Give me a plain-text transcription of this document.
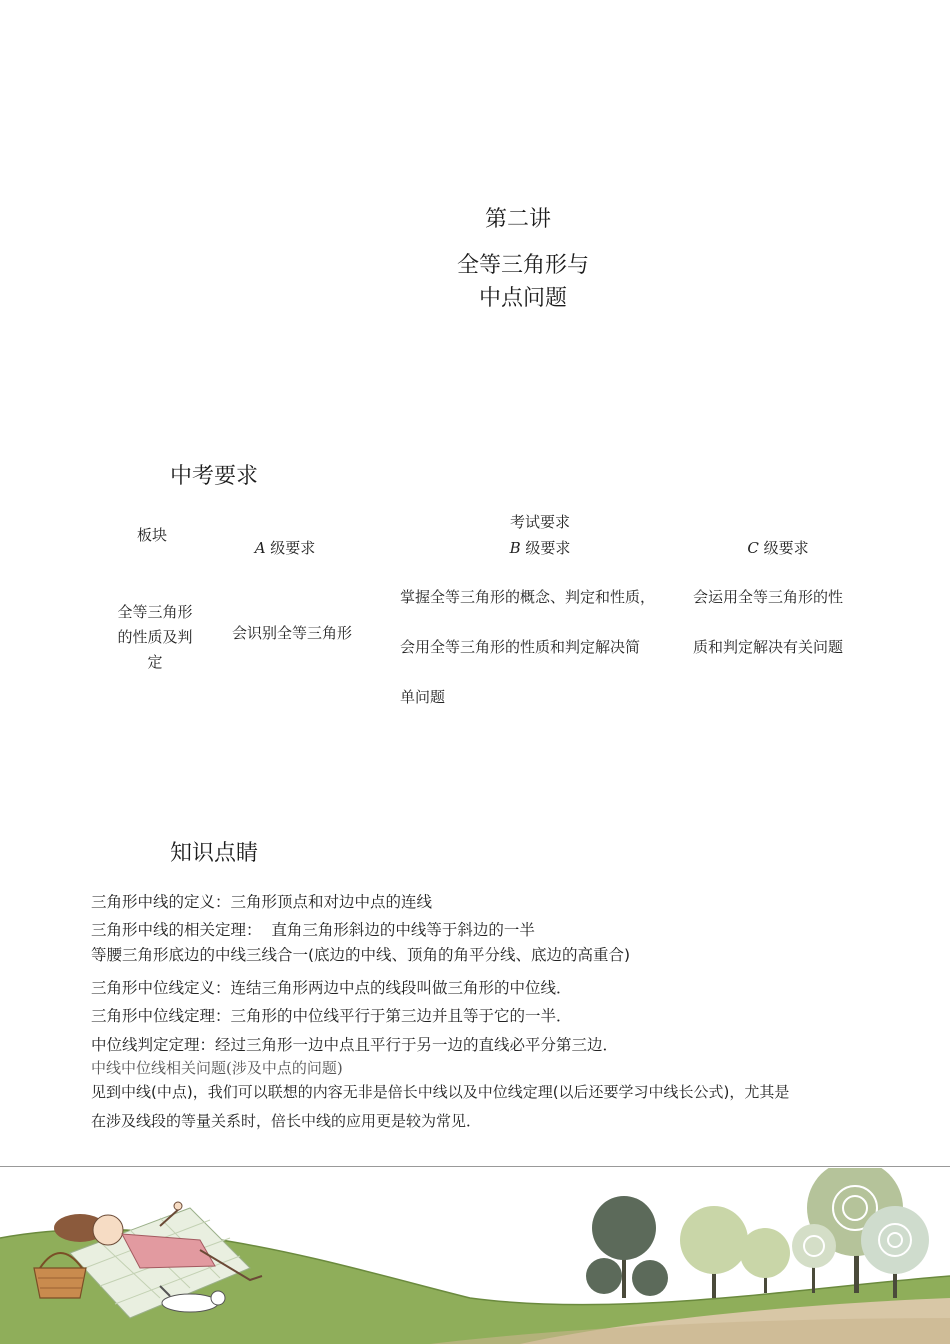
第二讲
全等三角形与
中点问题
中考要求
板块
考试要求
A 级要求	B 级要求	C 级要求
全等三角形
的性质及判
定
会识别全等三角形
掌握全等三角形的概念、判定和性质，
会用全等三角形的性质和判定解决简
单问题
会运用全等三角形的性
质和判定解决有关问题
知识点睛
三角形中线的定义：三角形顶点和对边中点的连线
三角形中线的相关定理：  直角三角形斜边的中线等于斜边的一半
等腰三角形底边的中线三线合一(底边的中线、顶角的角平分线、底边的高重合)
三角形中位线定义：连结三角形两边中点的线段叫做三角形的中位线．
三角形中位线定理：三角形的中位线平行于第三边并且等于它的一半．
中位线判定定理：经过三角形一边中点且平行于另一边的直线必平分第三边．
中线中位线相关问题(涉及中点的问题)
见到中线(中点)，我们可以联想的内容无非是倍长中线以及中位线定理(以后还要学习中线长公式)，尤其是
在涉及线段的等量关系时，倍长中线的应用更是较为常见．
